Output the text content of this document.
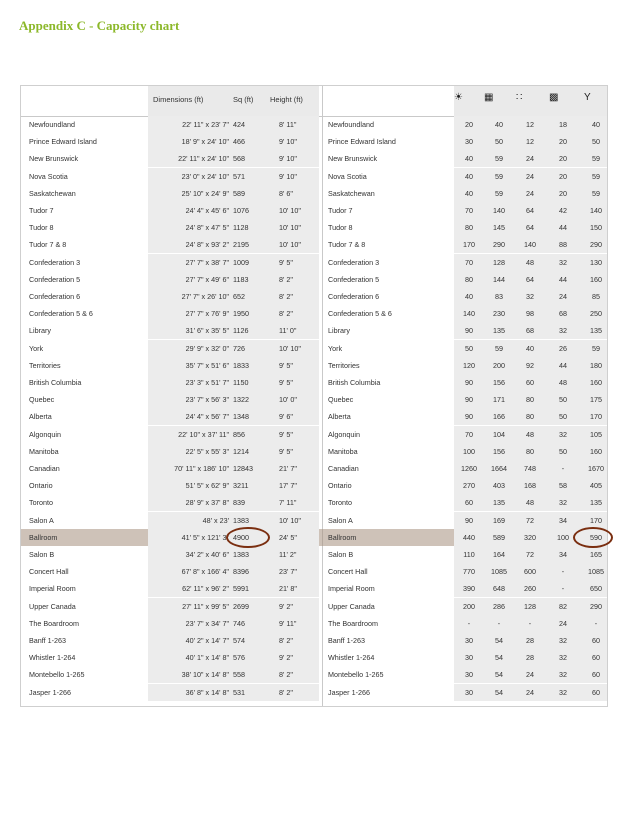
Appendix C - Capacity chart
Dimensions (ft)	Sq (ft) Height (ft)	☀ ▦ ∷	▩	Y
Newfoundland	22' 11" x 23' 7" 424	8' 11"	Newfoundland	20	40	12	18	40
Prince Edward Island	18' 9" x 24' 10" 466	9' 10"	Prince Edward Island	30	50	12	20	50
New Brunswick	22' 11" x 24' 10" 568	9' 10"	New Brunswick	40	59	24	20	59
Nova Scotia	23' 0" x 24' 10" 571	9' 10"	Nova Scotia	40	59	24	20	59
Saskatchewan	25' 10" x 24' 9" 589	8' 6"	Saskatchewan	40	59	24	20	59
Tudor 7	24' 4" x 45' 6" 1076	10' 10"	Tudor 7	70	140	64	42	140
Tudor 8	24' 8" x 47' 5" 1128	10' 10"	Tudor 8	80	145	64	44	150
Tudor 7 & 8	24' 8" x 93' 2" 2195	10' 10"	Tudor 7 & 8	170	290	140	88	290
Confederation 3	27' 7" x 38' 7" 1009	9' 5"	Confederation 3	70	128	48	32	130
Confederation 5	27' 7" x 49' 6" 1183	8' 2"	Confederation 5	80	144	64	44	160
Confederation 6	27' 7" x 26' 10" 652	8' 2"	Confederation 6	40	83	32	24	85
Confederation 5 & 6	27' 7" x 76' 9" 1950	8' 2"	Confederation 5 & 6	140	230	98	68	250
Library	31' 6" x 35' 5" 1126	11' 0"	Library	90	135	68	32	135
York	29' 9" x 32' 0" 726	10' 10"	York	50	59	40	26	59
Territories	35' 7" x 51' 6" 1833	9' 5"	Territories	120	200	92	44	180
British Columbia	23' 3" x 51' 7" 1150	9' 5"	British Columbia	90	156	60	48	160
Quebec	23' 7" x 56' 3" 1322	10' 0"	Quebec	90	171	80	50	175
Alberta	24' 4" x 56' 7" 1348	9' 6"	Alberta	90	166	80	50	170
Algonquin	22' 10" x 37' 11" 856	9' 5"	Algonquin	70	104	48	32	105
Manitoba	22' 5" x 55' 3" 1214	9' 5"	Manitoba	100	156	80	50	160
Canadian	70' 11" x 186' 10" 12843	21' 7"	Canadian	1260	1664	748	-	1670
Ontario	51' 5" x 62' 9" 3211	17' 7"	Ontario	270	403	168	58	405
Toronto	28' 9" x 37' 8" 839	7' 11"	Toronto	60	135	48	32	135
Salon A	48' x 23' 1383	10' 10"	Salon A	90	169	72	34	170
Ballroom	41' 5" x 121' 3" 4900	24' 5"	Ballroom	440	589	320	100	590
Salon B	34' 2" x 40' 6" 1383	11' 2"	Salon B	110	164	72	34	165
Concert Hall	67' 8" x 166' 4" 8396	23' 7"	Concert Hall	770	1085	600	-	1085
Imperial Room	62' 11" x 96' 2" 5991	21' 8"	Imperial Room	390	648	260	-	650
Upper Canada	27' 11" x 99' 5" 2699	9' 2"	Upper Canada	200	286	128	82	290
The Boardroom	23' 7" x 34' 7" 746	9' 11"	The Boardroom	-	-	-	24	-
Banff 1-263	40' 2" x 14' 7" 574	8' 2"	Banff 1-263	30	54	28	32	60
Whistler 1-264	40' 1" x 14' 8" 576	9' 2"	Whistler 1-264	30	54	28	32	60
Montebello 1-265	38' 10" x 14' 8" 558	8' 2"	Montebello 1-265	30	54	24	32	60
Jasper 1-266	36' 8" x 14' 8" 531	8' 2"	Jasper 1-266	30	54	24	32	60
